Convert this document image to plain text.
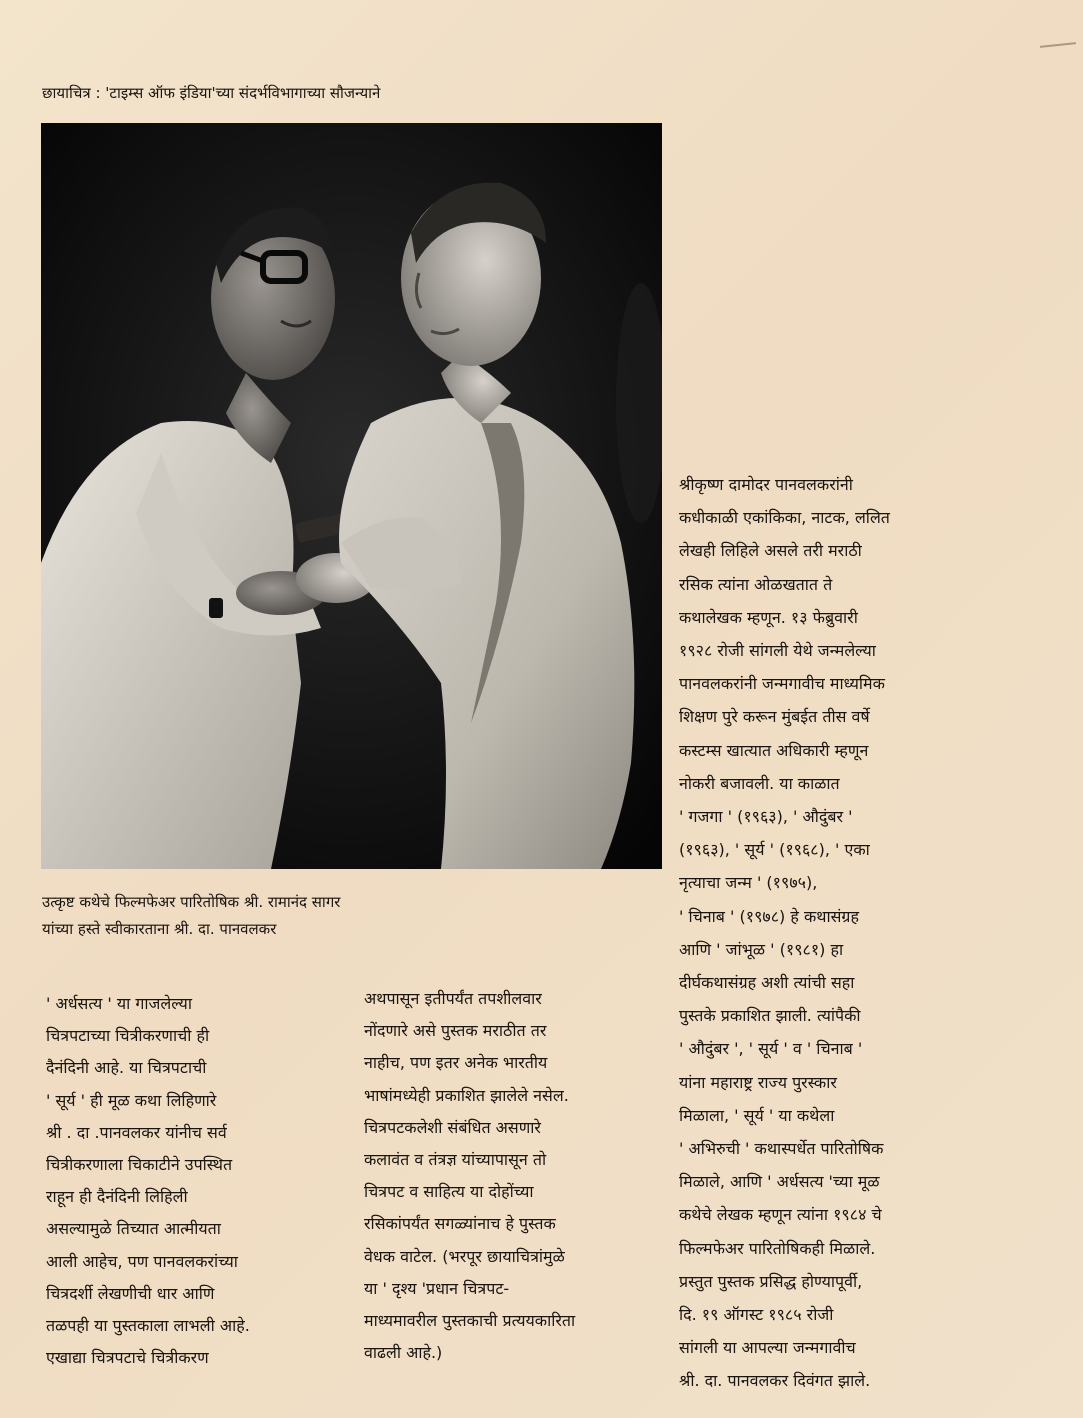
छायाचित्र : 'टाइम्स ऑफ इंडिया'च्या संदर्भविभागाच्या सौजन्याने
उत्कृष्ट कथेचे फिल्मफेअर पारितोषिक श्री. रामानंद सागर
यांच्या हस्ते स्वीकारताना श्री. दा. पानवलकर
' अर्धसत्य ' या गाजलेल्या
चित्रपटाच्या चित्रीकरणाची ही
दैनंदिनी आहे. या चित्रपटाची
' सूर्य ' ही मूळ कथा लिहिणारे
श्री . दा .पानवलकर यांनीच सर्व
चित्रीकरणाला चिकाटीने उपस्थित
राहून ही दैनंदिनी लिहिली
असल्यामुळे तिच्यात आत्मीयता
आली आहेच, पण पानवलकरांच्या
चित्रदर्शी लेखणीची धार आणि
तळपही या पुस्तकाला लाभली आहे.
एखाद्या चित्रपटाचे चित्रीकरण
अथपासून इतीपर्यंत तपशीलवार
नोंदणारे असे पुस्तक मराठीत तर
नाहीच, पण इतर अनेक भारतीय
भाषांमध्येही प्रकाशित झालेले नसेल.
चित्रपटकलेशी संबंधित असणारे
कलावंत व तंत्रज्ञ यांच्यापासून तो
चित्रपट व साहित्य या दोहोंच्या
रसिकांपर्यंत सगळ्यांनाच हे पुस्तक
वेधक वाटेल. (भरपूर छायाचित्रांमुळे
या ' दृश्य 'प्रधान चित्रपट-
माध्यमावरील पुस्तकाची प्रत्ययकारिता
वाढली आहे.)
श्रीकृष्ण दामोदर पानवलकरांनी
कधीकाळी एकांकिका, नाटक, ललित
लेखही लिहिले असले तरी मराठी
रसिक त्यांना ओळखतात ते
कथालेखक म्हणून. १३ फेब्रुवारी
१९२८ रोजी सांगली येथे जन्मलेल्या
पानवलकरांनी जन्मगावीच माध्यमिक
शिक्षण पुरे करून मुंबईत तीस वर्षे
कस्टम्स खात्यात अधिकारी म्हणून
नोकरी बजावली. या काळात
' गजगा ' (१९६३), ' औदुंबर '
(१९६३), ' सूर्य ' (१९६८), ' एका
नृत्याचा जन्म ' (१९७५),
' चिनाब ' (१९७८) हे कथासंग्रह
आणि ' जांभूळ ' (१९८१) हा
दीर्घकथासंग्रह अशी त्यांची सहा
पुस्तके प्रकाशित झाली. त्यांपैकी
' औदुंबर ', ' सूर्य ' व ' चिनाब '
यांना महाराष्ट्र राज्य पुरस्कार
मिळाला, ' सूर्य ' या कथेला
' अभिरुची ' कथास्पर्धेत पारितोषिक
मिळाले, आणि ' अर्धसत्य 'च्या मूळ
कथेचे लेखक म्हणून त्यांना १९८४ चे
फिल्मफेअर पारितोषिकही मिळाले.
प्रस्तुत पुस्तक प्रसिद्ध होण्यापूर्वी,
दि. १९ ऑगस्ट १९८५ रोजी
सांगली या आपल्या जन्मगावीच
श्री. दा. पानवलकर दिवंगत झाले.
